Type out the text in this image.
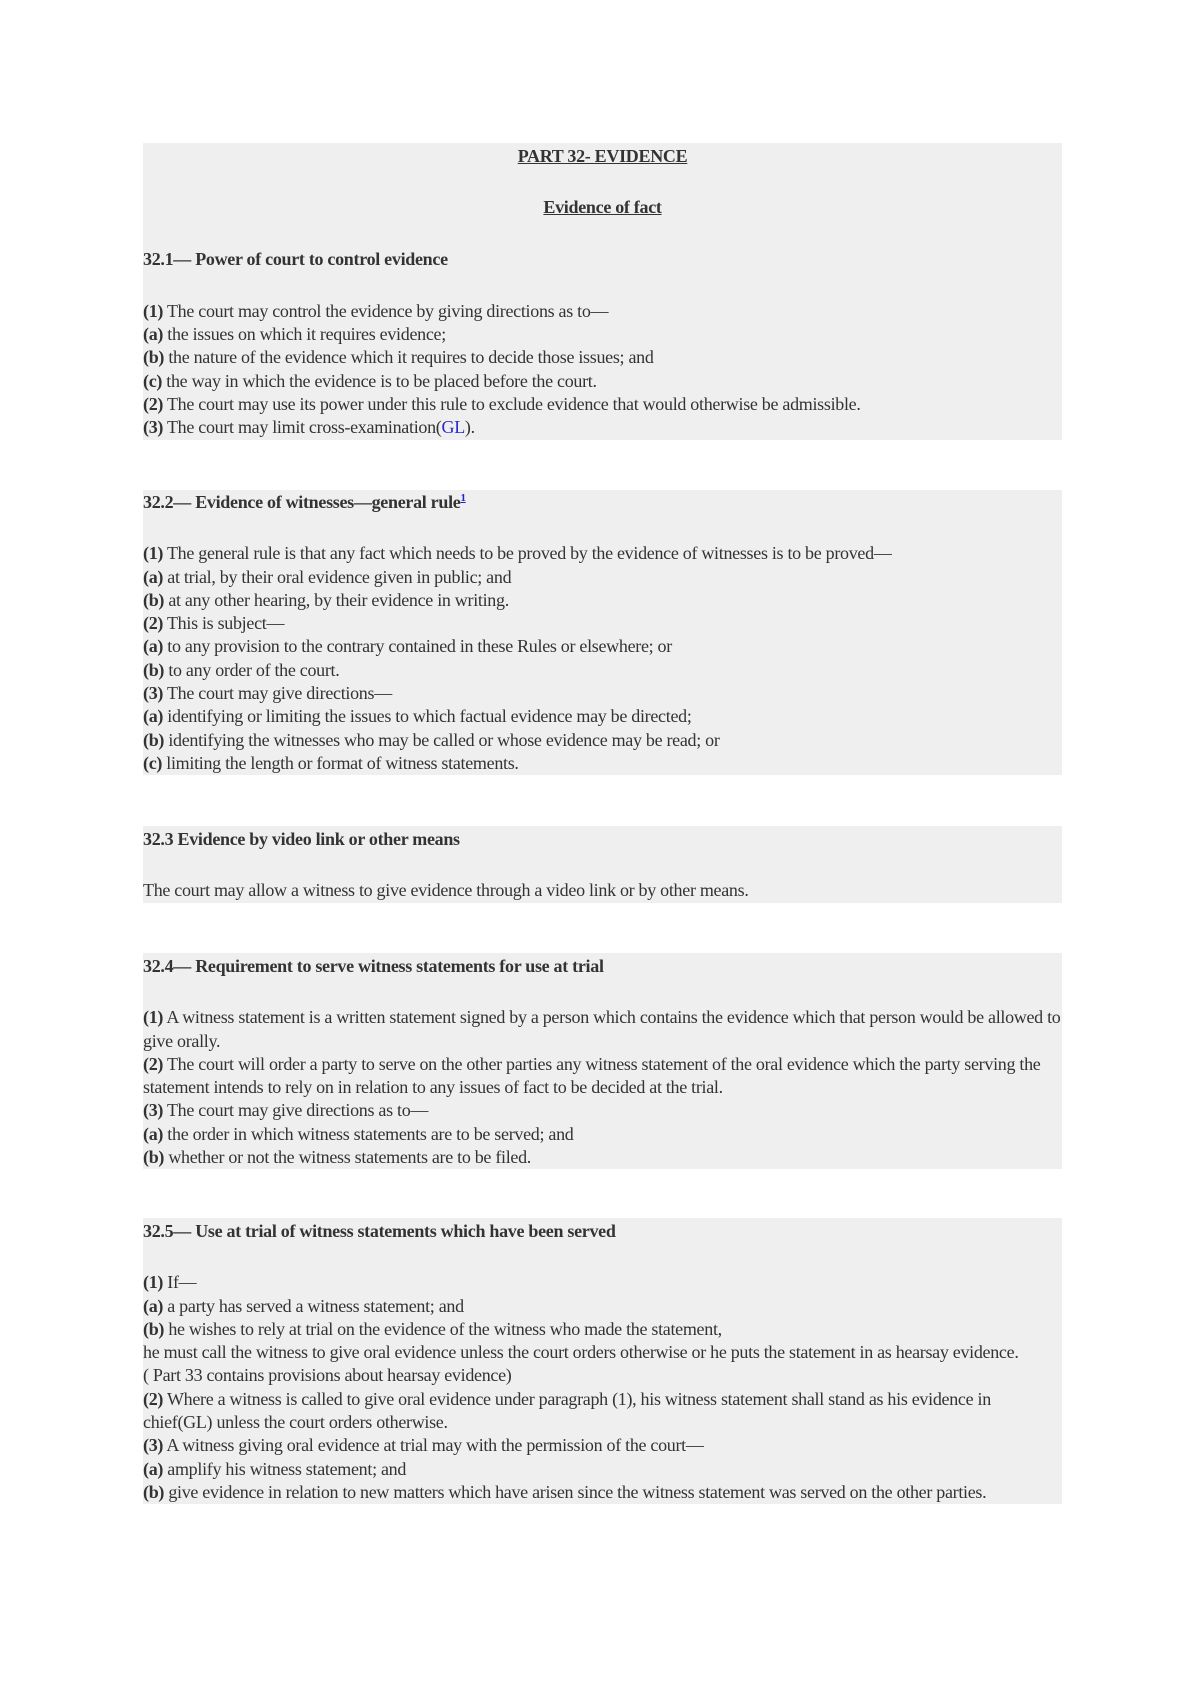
PART 32- EVIDENCE

Evidence of fact

32.1— Power of court to control evidence

(1) The court may control the evidence by giving directions as to—

(a) the issues on which it requires evidence;

(b) the nature of the evidence which it requires to decide those issues; and

(c) the way in which the evidence is to be placed before the court.

(2) The court may use its power under this rule to exclude evidence that would otherwise be admissible.

(3) The court may limit cross-examination(GL).

32.2— Evidence of witnesses—general rule$^1$

(1) The general rule is that any fact which needs to be proved by the evidence of witnesses is to be proved—

(a) at trial, by their oral evidence given in public; and

(b) at any other hearing, by their evidence in writing.

(2) This is subject—

(a) to any provision to the contrary contained in these Rules or elsewhere; or

(b) to any order of the court.

(3) The court may give directions—

(a) identifying or limiting the issues to which factual evidence may be directed;

(b) identifying the witnesses who may be called or whose evidence may be read; or

(c) limiting the length or format of witness statements.

32.3 Evidence by video link or other means

The court may allow a witness to give evidence through a video link or by other means.

32.4— Requirement to serve witness statements for use at trial

(1) A witness statement is a written statement signed by a person which contains the evidence which that person would be allowed to give orally.

(2) The court will order a party to serve on the other parties any witness statement of the oral evidence which the party serving the statement intends to rely on in relation to any issues of fact to be decided at the trial.

(3) The court may give directions as to—

(a) the order in which witness statements are to be served; and

(b) whether or not the witness statements are to be filed.

32.5— Use at trial of witness statements which have been served

(1) If—

(a) a party has served a witness statement; and

(b) he wishes to rely at trial on the evidence of the witness who made the statement,

he must call the witness to give oral evidence unless the court orders otherwise or he puts the statement in as hearsay evidence.

( Part 33 contains provisions about hearsay evidence)

(2) Where a witness is called to give oral evidence under paragraph (1), his witness statement shall stand as his evidence in chief(GL) unless the court orders otherwise.

(3) A witness giving oral evidence at trial may with the permission of the court—

(a) amplify his witness statement; and

(b) give evidence in relation to new matters which have arisen since the witness statement was served on the other parties.
